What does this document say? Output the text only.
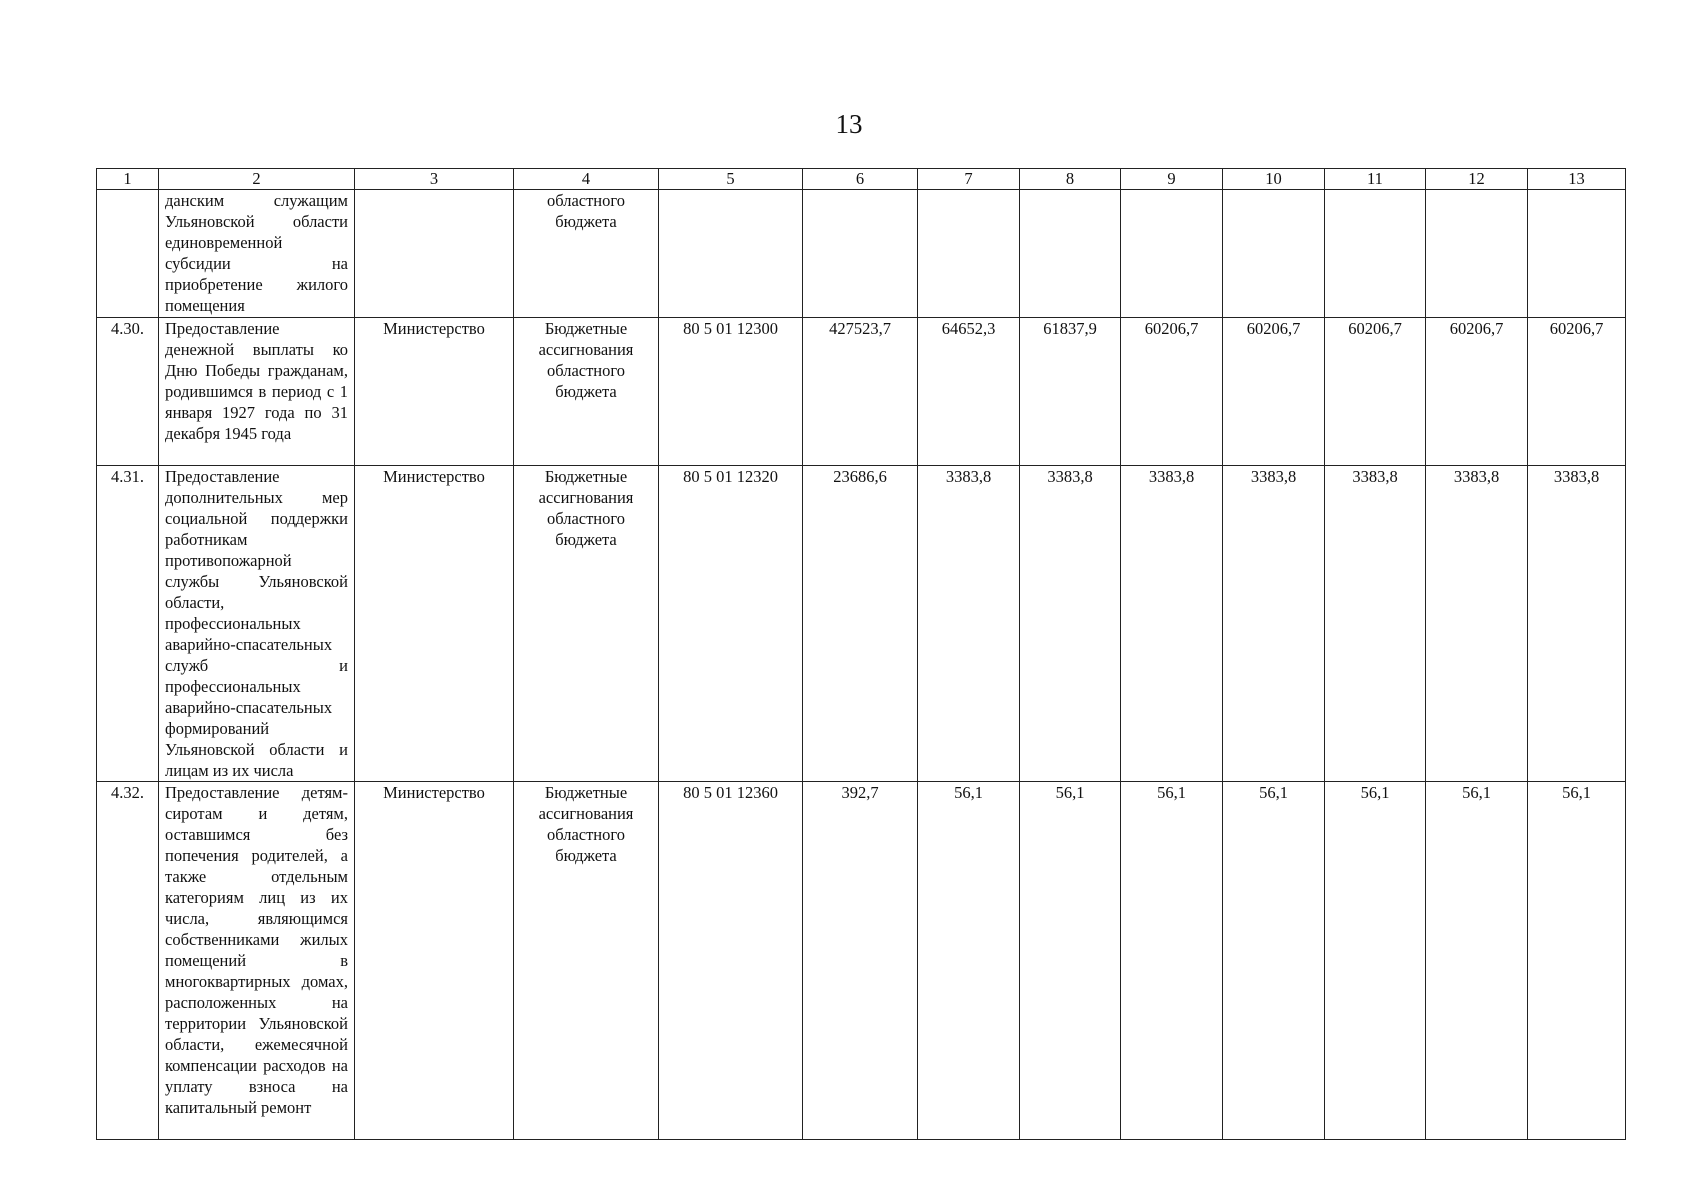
13
1	2	3	4	5	6	7	8	9	10	11	12	13
	данским служащим Ульяновской области единовременной субсидии на приобретение жилого помещения		областного бюджета									
4.30.	Предоставление денежной выплаты ко Дню Победы гражданам, родившимся в период с 1 января 1927 года по 31 декабря 1945 года	Министерство	Бюджетные ассигнования областного бюджета	80 5 01 12300	427523,7	64652,3	61837,9	60206,7	60206,7	60206,7	60206,7	60206,7
4.31.	Предоставление дополнительных мер социальной поддержки работникам противопожарной службы Ульяновской области, профессиональных аварийно-спасательных служб и профессиональных аварийно-спасательных формирований Ульяновской области и лицам из их числа	Министерство	Бюджетные ассигнования областного бюджета	80 5 01 12320	23686,6	3383,8	3383,8	3383,8	3383,8	3383,8	3383,8	3383,8
4.32.	Предоставление детям-сиротам и детям, оставшимся без попечения родителей, а также отдельным категориям лиц из их числа, являющимся собственниками жилых помещений в многоквартирных домах, расположенных на территории Ульяновской области, ежемесячной компенсации расходов на уплату взноса на капитальный ремонт	Министерство	Бюджетные ассигнования областного бюджета	80 5 01 12360	392,7	56,1	56,1	56,1	56,1	56,1	56,1	56,1
